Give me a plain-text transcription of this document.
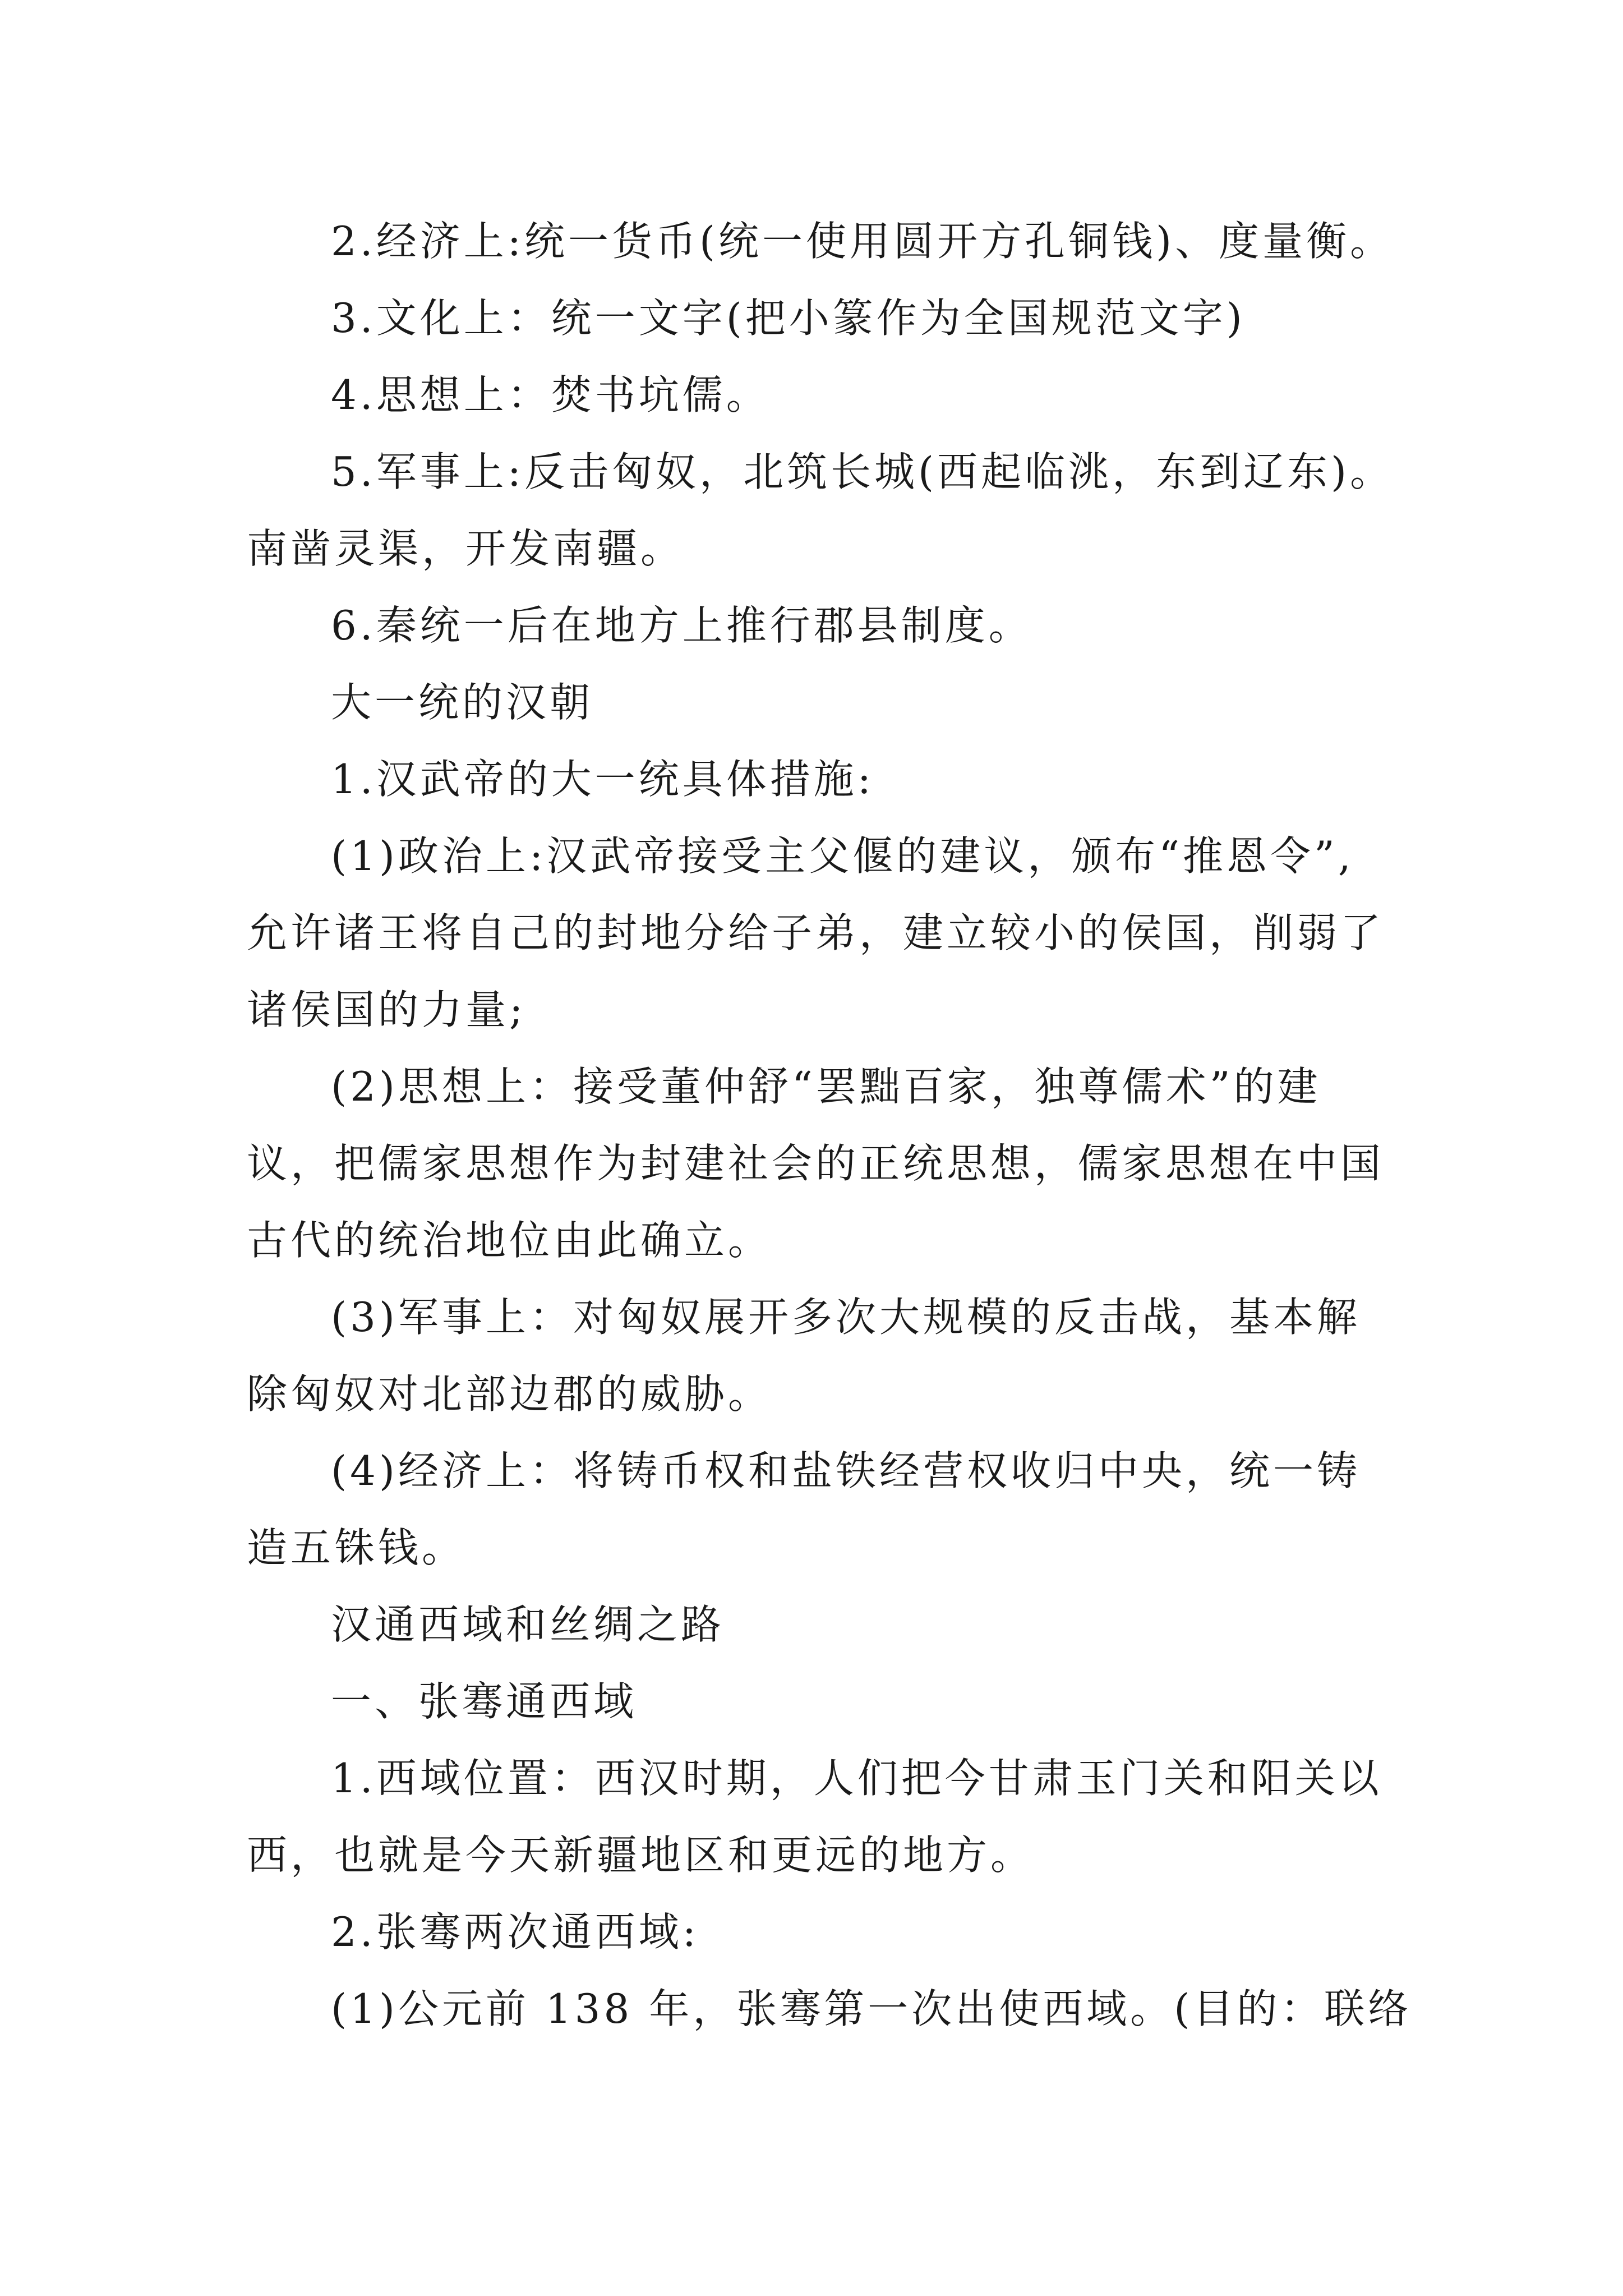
2.经济上:统一货币(统一使用圆开方孔铜钱)、度量衡。
3.文化上：统一文字(把小篆作为全国规范文字)
4.思想上：焚书坑儒。
5.军事上:反击匈奴，北筑长城(西起临洮，东到辽东)。
南凿灵渠，开发南疆。
6.秦统一后在地方上推行郡县制度。
大一统的汉朝
1.汉武帝的大一统具体措施:
(1)政治上:汉武帝接受主父偃的建议，颁布“推恩令”,
允许诸王将自己的封地分给子弟，建立较小的侯国，削弱了
诸侯国的力量;
(2)思想上：接受董仲舒“罢黜百家，独尊儒术”的建
议，把儒家思想作为封建社会的正统思想，儒家思想在中国
古代的统治地位由此确立。
(3)军事上：对匈奴展开多次大规模的反击战，基本解
除匈奴对北部边郡的威胁。
(4)经济上：将铸币权和盐铁经营权收归中央，统一铸
造五铢钱。
汉通西域和丝绸之路
一、张骞通西域
1.西域位置：西汉时期，人们把今甘肃玉门关和阳关以
西，也就是今天新疆地区和更远的地方。
2.张骞两次通西域:
(1)公元前 138 年，张骞第一次出使西域。(目的：联络
